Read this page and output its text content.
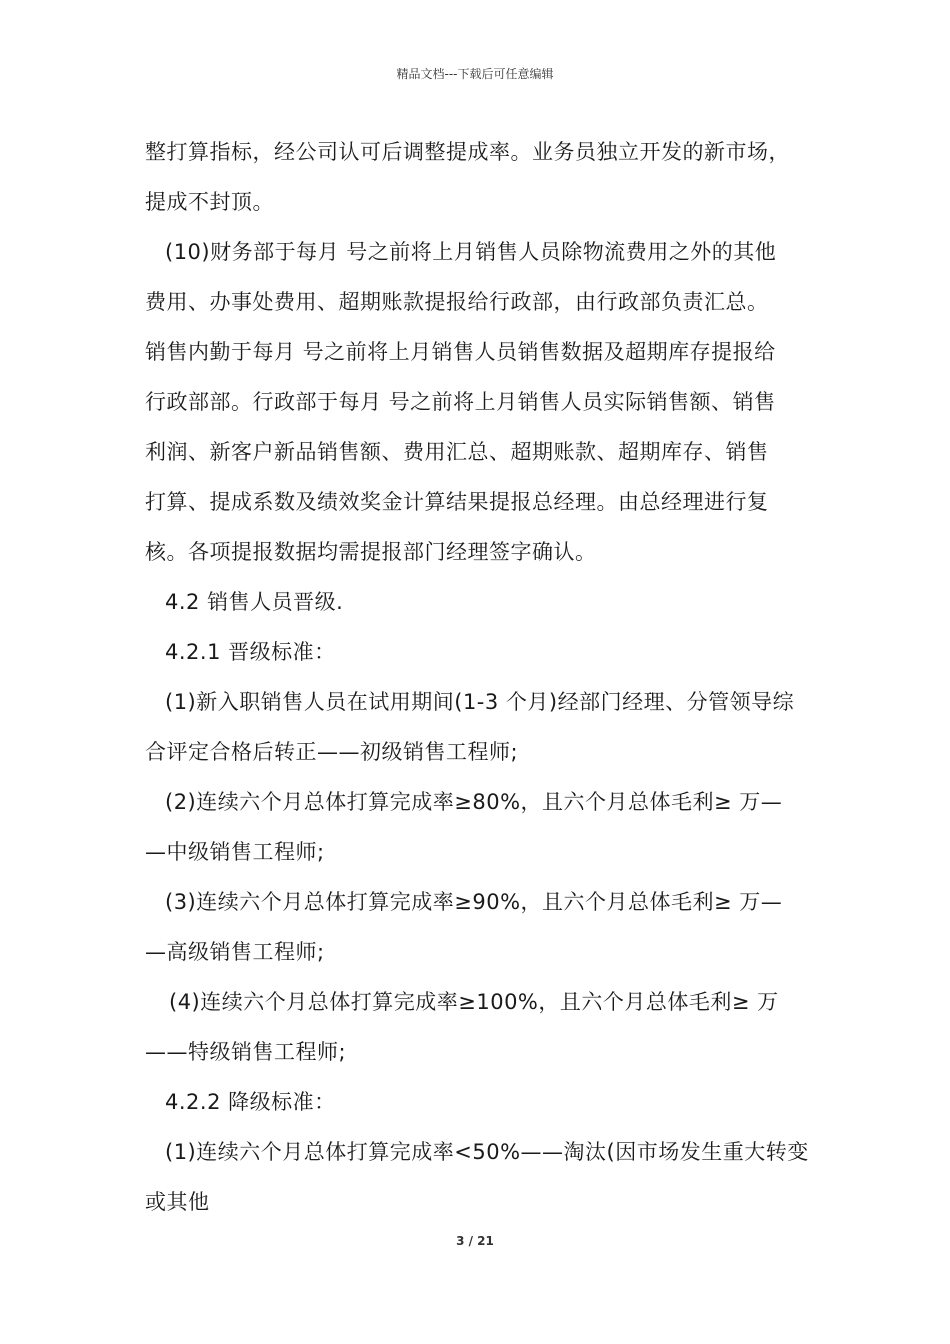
精品文档---下载后可任意编辑
整打算指标，经公司认可后调整提成率。业务员独立开发的新市场，
提成不封顶。
(10)财务部于每月 号之前将上月销售人员除物流费用之外的其他
费用、办事处费用、超期账款提报给行政部，由行政部负责汇总。
销售内勤于每月 号之前将上月销售人员销售数据及超期库存提报给
行政部部。行政部于每月 号之前将上月销售人员实际销售额、销售
利润、新客户新品销售额、费用汇总、超期账款、超期库存、销售
打算、提成系数及绩效奖金计算结果提报总经理。由总经理进行复
核。各项提报数据均需提报部门经理签字确认。
4.2 销售人员晋级.
4.2.1 晋级标准：
(1)新入职销售人员在试用期间(1-3 个月)经部门经理、分管领导综
合评定合格后转正——初级销售工程师;
(2)连续六个月总体打算完成率≥80%，且六个月总体毛利≥ 万—
—中级销售工程师;
(3)连续六个月总体打算完成率≥90%，且六个月总体毛利≥ 万—
—高级销售工程师;
(4)连续六个月总体打算完成率≥100%，且六个月总体毛利≥ 万
——特级销售工程师;
4.2.2 降级标准：
(1)连续六个月总体打算完成率<50%——淘汰(因市场发生重大转变
或其他
3 / 21
